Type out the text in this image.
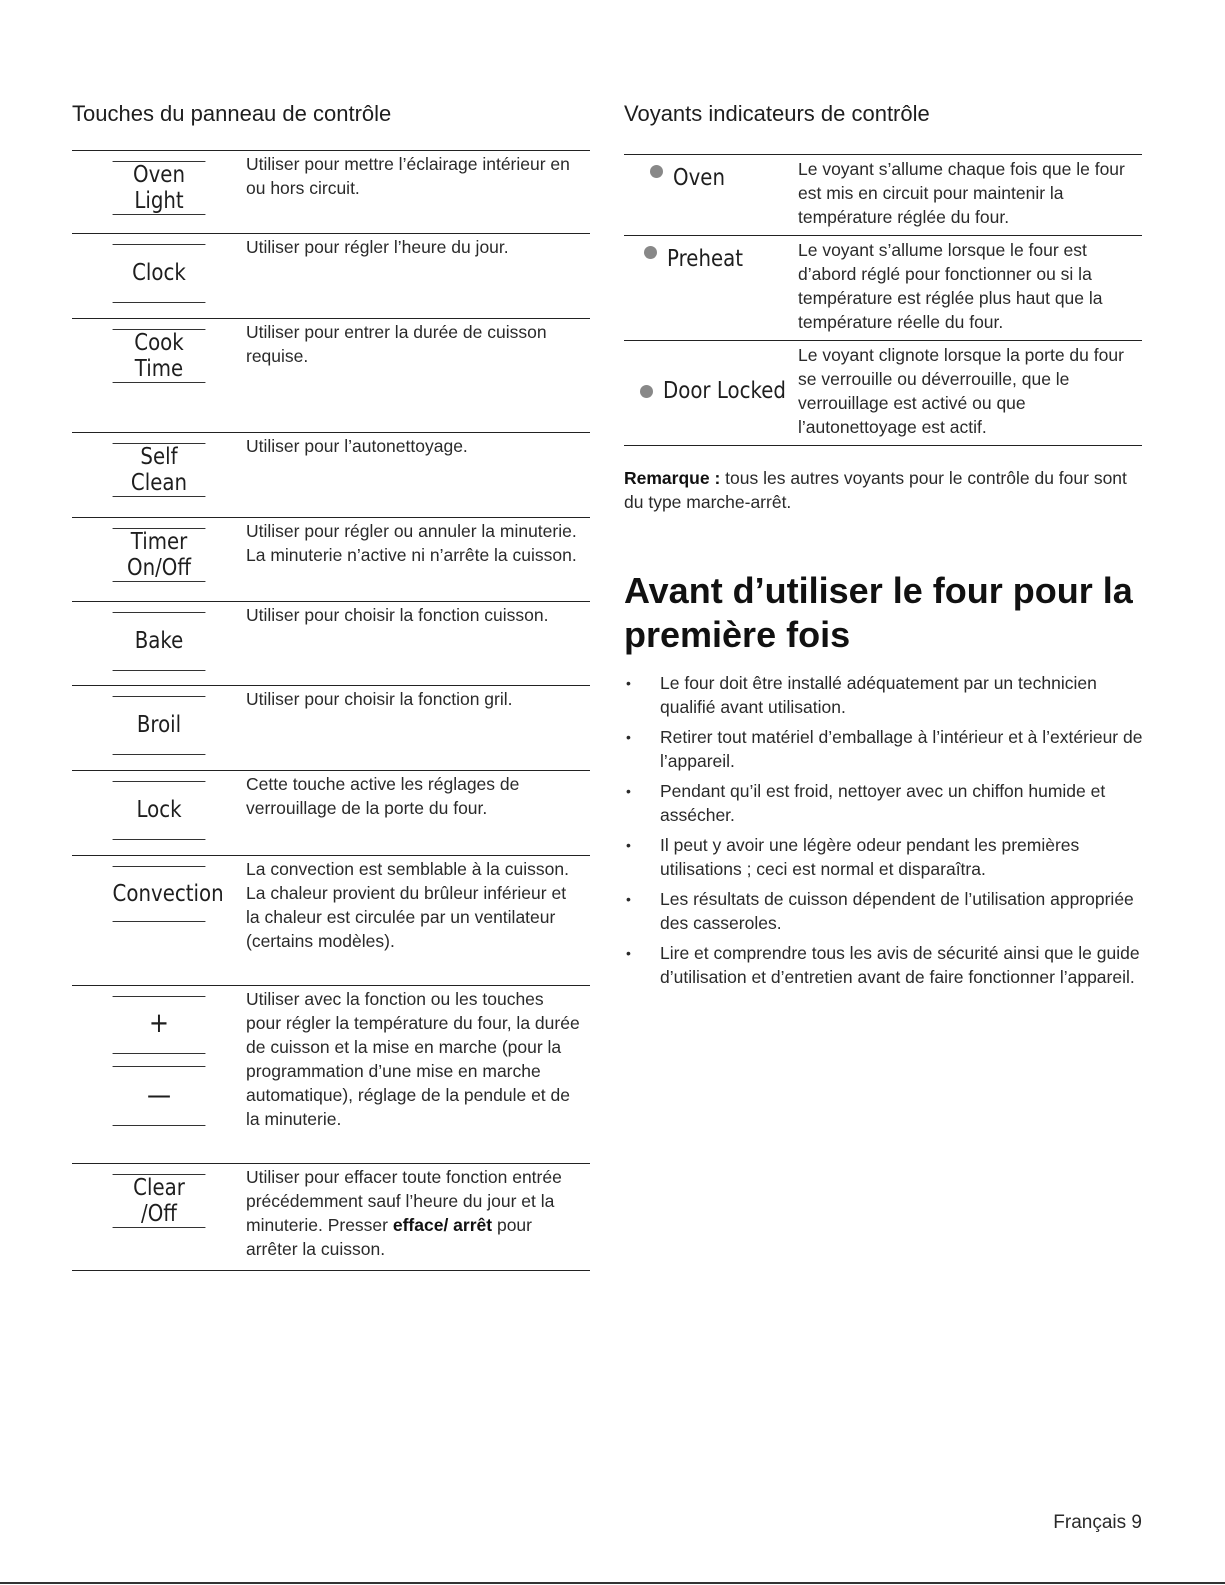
Touches du panneau de contrôle
Oven
Light
Utiliser pour mettre l’éclairage intérieur en ou hors circuit.
Clock
Utiliser pour régler l’heure du jour.
Cook
Time
Utiliser pour entrer la durée de cuisson requise.
Self
Clean
Utiliser pour l’autonettoyage.
Timer
On/Off
Utiliser pour régler ou annuler la minuterie. La minuterie n’active ni n’arrête la cuisson.
Bake
Utiliser pour choisir la fonction cuisson.
Broil
Utiliser pour choisir la fonction gril.
Lock
Cette touche active les réglages de verrouillage de la porte du four.
Convection
La convection est semblable à la cuisson. La chaleur provient du brûleur inférieur et la chaleur est circulée par un ventilateur (certains modèles).
+
—
Utiliser avec la fonction ou les touches pour régler la température du four, la durée de cuisson et la mise en marche (pour la programmation d’une mise en marche automatique), réglage de la pendule et de la minuterie.
Clear
/Off
Utiliser pour effacer toute fonction entrée précédemment sauf l’heure du jour et la minuterie. Presser efface/ arrêt pour arrêter la cuisson.
Voyants indicateurs de contrôle
Oven	Le voyant s’allume chaque fois que le four est mis en circuit pour maintenir la température réglée du four.
Preheat	Le voyant s’allume lorsque le four est d’abord réglé pour fonctionner ou si la température est réglée plus haut que la température réelle du four.
Door Locked
Le voyant clignote lorsque la porte du four se verrouille ou déverrouille, que le verrouillage est activé ou que l’autonettoyage est actif.

Remarque : tous les autres voyants pour le contrôle du four sont du type marche-arrêt.

Avant d’utiliser le four pour la première fois
• Le four doit être installé adéquatement par un technicien qualifié avant utilisation.
• Retirer tout matériel d’emballage à l’intérieur et à l’extérieur de l’appareil.
• Pendant qu’il est froid, nettoyer avec un chiffon humide et assécher.
• Il peut y avoir une légère odeur pendant les premières utilisations ; ceci est normal et disparaîtra.
• Les résultats de cuisson dépendent de l’utilisation appropriée des casseroles.
• Lire et comprendre tous les avis de sécurité ainsi que le guide d’utilisation et d’entretien avant de faire fonctionner l’appareil.
Français 9
